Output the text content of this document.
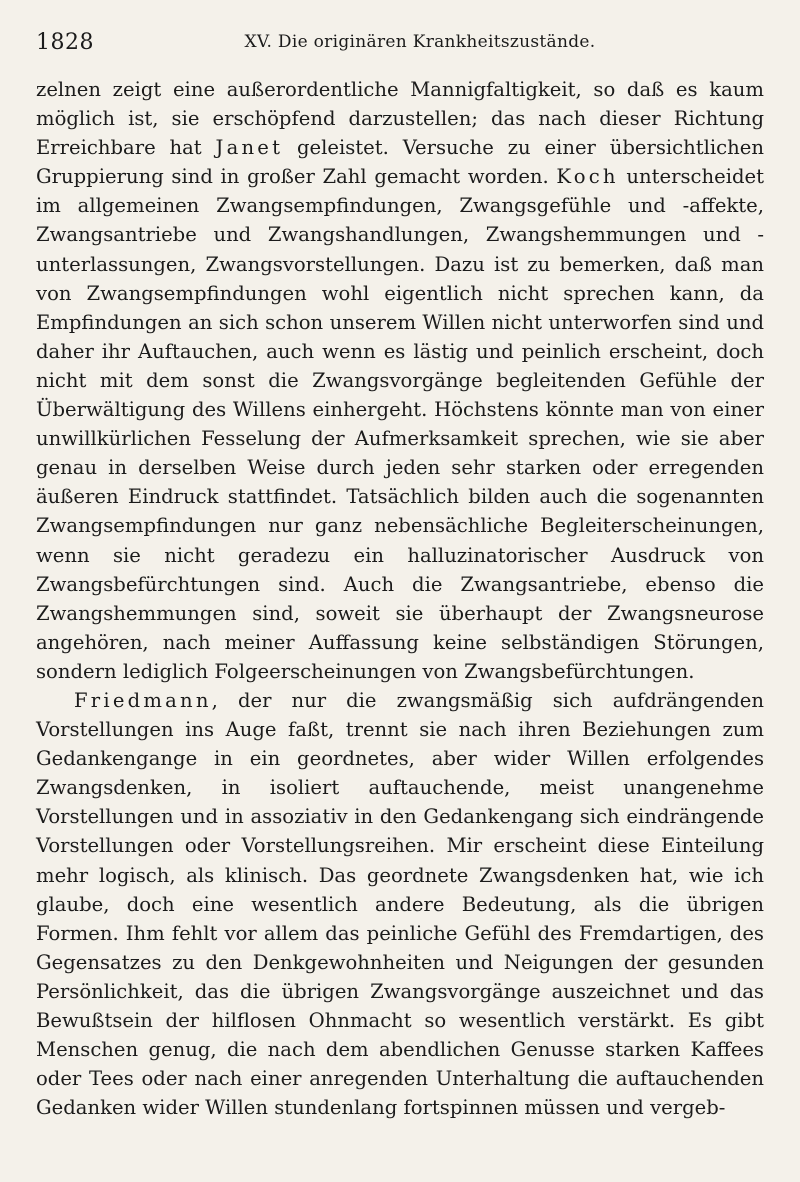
1828	XV. Die originären Krankheitszustände.

zelnen zeigt eine außerordentliche Mannigfaltigkeit, so daß es kaum möglich ist, sie erschöpfend darzustellen; das nach dieser Richtung Erreichbare hat Janet geleistet. Versuche zu einer übersichtlichen Gruppierung sind in großer Zahl gemacht worden. Koch unterscheidet im allgemeinen Zwangsempfindungen, Zwangsgefühle und -affekte, Zwangsantriebe und Zwangshandlungen, Zwangshemmungen und -unterlassungen, Zwangsvorstellungen. Dazu ist zu bemerken, daß man von Zwangsempfindungen wohl eigentlich nicht sprechen kann, da Empfindungen an sich schon unserem Willen nicht unterworfen sind und daher ihr Auftauchen, auch wenn es lästig und peinlich erscheint, doch nicht mit dem sonst die Zwangsvorgänge begleitenden Gefühle der Überwältigung des Willens einhergeht. Höchstens könnte man von einer unwillkürlichen Fesselung der Aufmerksamkeit sprechen, wie sie aber genau in derselben Weise durch jeden sehr starken oder erregenden äußeren Eindruck stattfindet. Tatsächlich bilden auch die sogenannten Zwangsempfindungen nur ganz nebensächliche Begleiterscheinungen, wenn sie nicht geradezu ein halluzinatorischer Ausdruck von Zwangsbefürchtungen sind. Auch die Zwangsantriebe, ebenso die Zwangshemmungen sind, soweit sie überhaupt der Zwangsneurose angehören, nach meiner Auffassung keine selbständigen Störungen, sondern lediglich Folgeerscheinungen von Zwangsbefürchtungen.

Friedmann, der nur die zwangsmäßig sich aufdrängenden Vorstellungen ins Auge faßt, trennt sie nach ihren Beziehungen zum Gedankengange in ein geordnetes, aber wider Willen erfolgendes Zwangsdenken, in isoliert auftauchende, meist unangenehme Vorstellungen und in assoziativ in den Gedankengang sich eindrängende Vorstellungen oder Vorstellungsreihen. Mir erscheint diese Einteilung mehr logisch, als klinisch. Das geordnete Zwangsdenken hat, wie ich glaube, doch eine wesentlich andere Bedeutung, als die übrigen Formen. Ihm fehlt vor allem das peinliche Gefühl des Fremdartigen, des Gegensatzes zu den Denkgewohnheiten und Neigungen der gesunden Persönlichkeit, das die übrigen Zwangsvorgänge auszeichnet und das Bewußtsein der hilflosen Ohnmacht so wesentlich verstärkt. Es gibt Menschen genug, die nach dem abendlichen Genusse starken Kaffees oder Tees oder nach einer anregenden Unterhaltung die auftauchenden Gedanken wider Willen stundenlang fortspinnen müssen und vergeb-
